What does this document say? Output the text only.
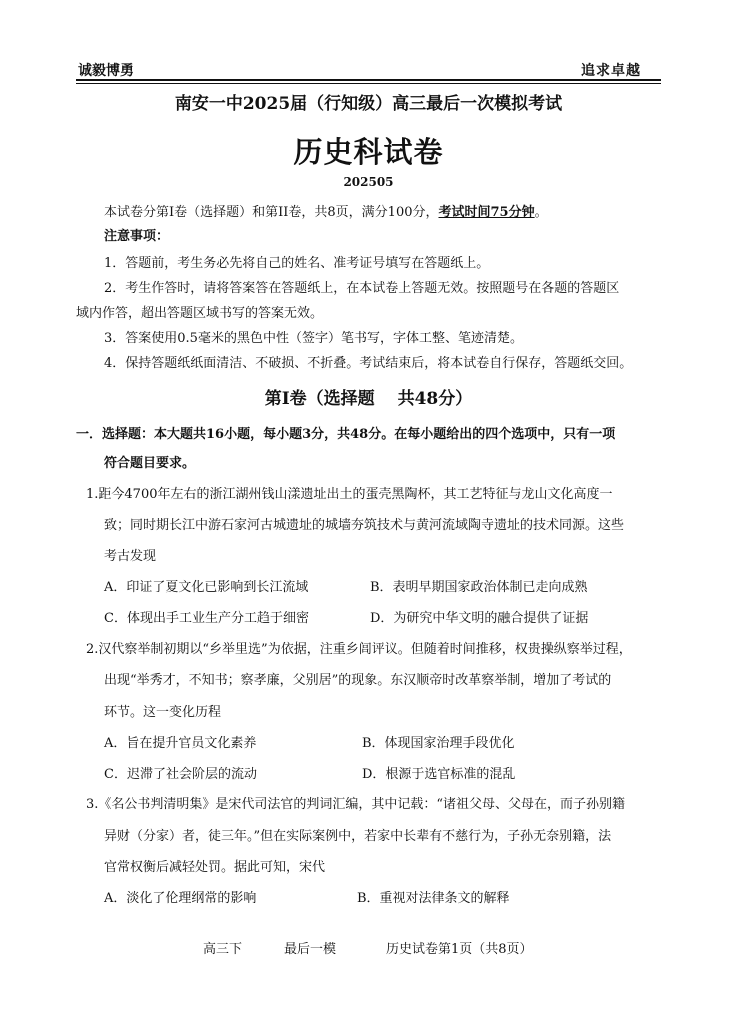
诚毅博勇	追求卓越
南安一中2025届（行知级）高三最后一次模拟考试
历史科试卷
202505
本试卷分第Ⅰ卷（选择题）和第II卷，共8页，满分100分，考试时间75分钟。
注意事项：
1．答题前，考生务必先将自己的姓名、准考证号填写在答题纸上。
2．考生作答时，请将答案答在答题纸上，在本试卷上答题无效。按照题号在各题的答题区
域内作答，超出答题区域书写的答案无效。
3．答案使用0.5毫米的黑色中性（签字）笔书写，字体工整、笔迹清楚。
4．保持答题纸纸面清洁、不破损、不折叠。考试结束后，将本试卷自行保存，答题纸交回。
第Ⅰ卷（选择题　 共48分）
一．选择题：本大题共16小题，每小题3分，共48分。在每小题给出的四个选项中，只有一项
符合题目要求。
1.距今4700年左右的浙江湖州钱山漾遗址出土的蛋壳黑陶杯，其工艺特征与龙山文化高度一
致；同时期长江中游石家河古城遗址的城墙夯筑技术与黄河流域陶寺遗址的技术同源。这些
考古发现
A．印证了夏文化已影响到长江流域	B．表明早期国家政治体制已走向成熟
C．体现出手工业生产分工趋于细密	D．为研究中华文明的融合提供了证据
2.汉代察举制初期以“乡举里选”为依据，注重乡闾评议。但随着时间推移，权贵操纵察举过程，
出现“举秀才，不知书；察孝廉，父别居”的现象。东汉顺帝时改革察举制，增加了考试的
环节。这一变化历程
A．旨在提升官员文化素养	B．体现国家治理手段优化
C．迟滞了社会阶层的流动	D．根源于选官标准的混乱
3.《名公书判清明集》是宋代司法官的判词汇编，其中记载：“诸祖父母、父母在，而子孙别籍
异财（分家）者，徒三年。”但在实际案例中，若家中长辈有不慈行为，子孙无奈别籍，法
官常权衡后减轻处罚。据此可知，宋代
A．淡化了伦理纲常的影响	B．重视对法律条文的解释
高三下	最后一模	历史试卷第1页（共8页）
